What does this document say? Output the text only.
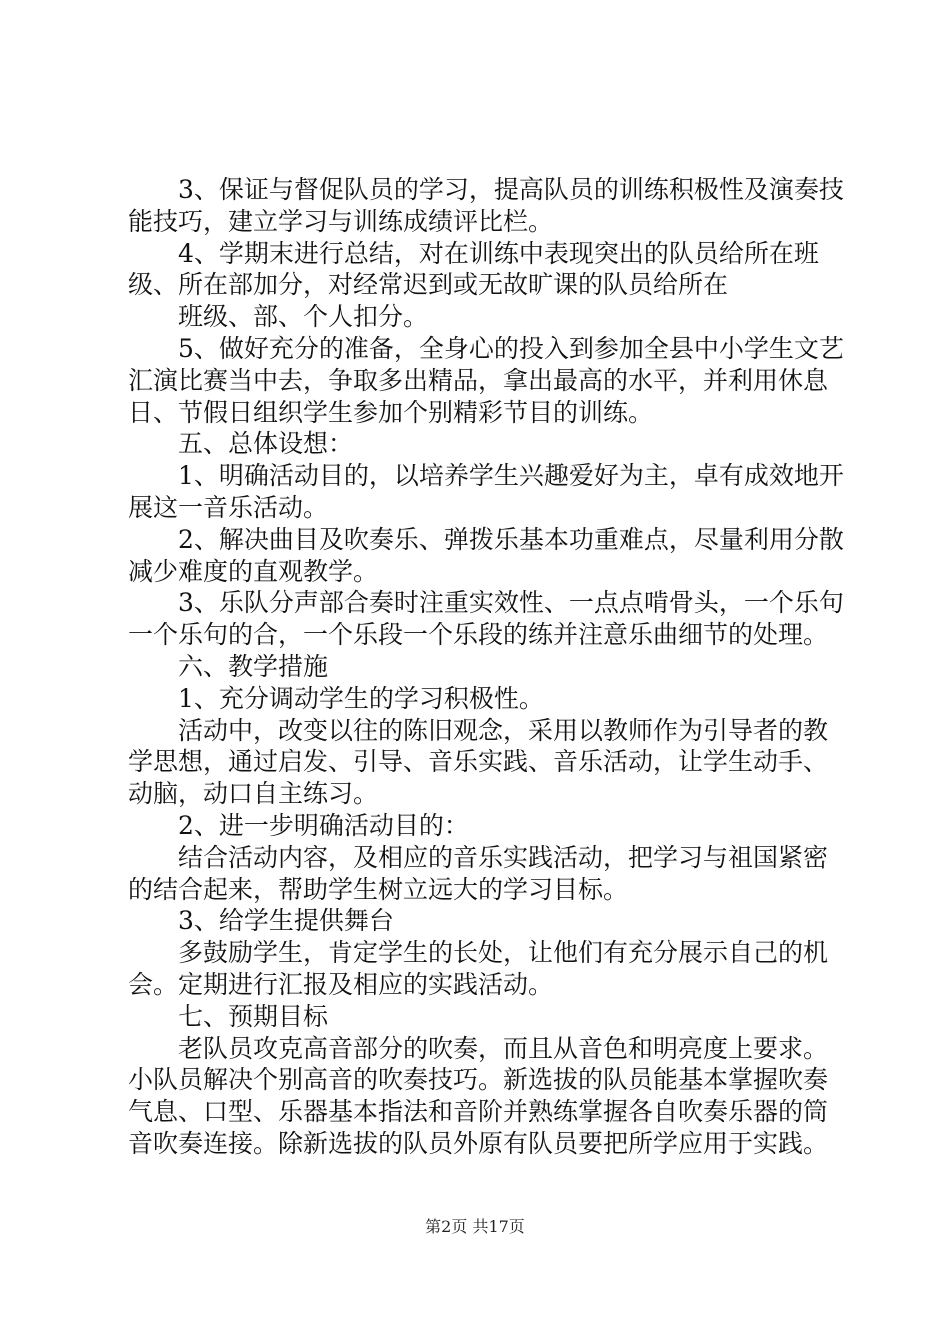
3、保证与督促队员的学习，提高队员的训练积极性及演奏技能技巧，建立学习与训练成绩评比栏。

4、学期末进行总结，对在训练中表现突出的队员给所在班级、所在部加分，对经常迟到或无故旷课的队员给所在

班级、部、个人扣分。

5、做好充分的准备，全身心的投入到参加全县中小学生文艺汇演比赛当中去，争取多出精品，拿出最高的水平，并利用休息日、节假日组织学生参加个别精彩节目的训练。

五、总体设想：

1、明确活动目的，以培养学生兴趣爱好为主，卓有成效地开展这一音乐活动。

2、解决曲目及吹奏乐、弹拨乐基本功重难点，尽量利用分散减少难度的直观教学。

3、乐队分声部合奏时注重实效性、一点点啃骨头，一个乐句一个乐句的合，一个乐段一个乐段的练并注意乐曲细节的处理。

六、教学措施

1、充分调动学生的学习积极性。

活动中，改变以往的陈旧观念，采用以教师作为引导者的教学思想，通过启发、引导、音乐实践、音乐活动，让学生动手、动脑，动口自主练习。

2、进一步明确活动目的：

结合活动内容，及相应的音乐实践活动，把学习与祖国紧密的结合起来，帮助学生树立远大的学习目标。

3、给学生提供舞台

多鼓励学生，肯定学生的长处，让他们有充分展示自己的机会。定期进行汇报及相应的实践活动。

七、预期目标

老队员攻克高音部分的吹奏，而且从音色和明亮度上要求。小队员解决个别高音的吹奏技巧。新选拔的队员能基本掌握吹奏气息、口型、乐器基本指法和音阶并熟练掌握各自吹奏乐器的筒音吹奏连接。除新选拔的队员外原有队员要把所学应用于实践。

第2页 共17页
